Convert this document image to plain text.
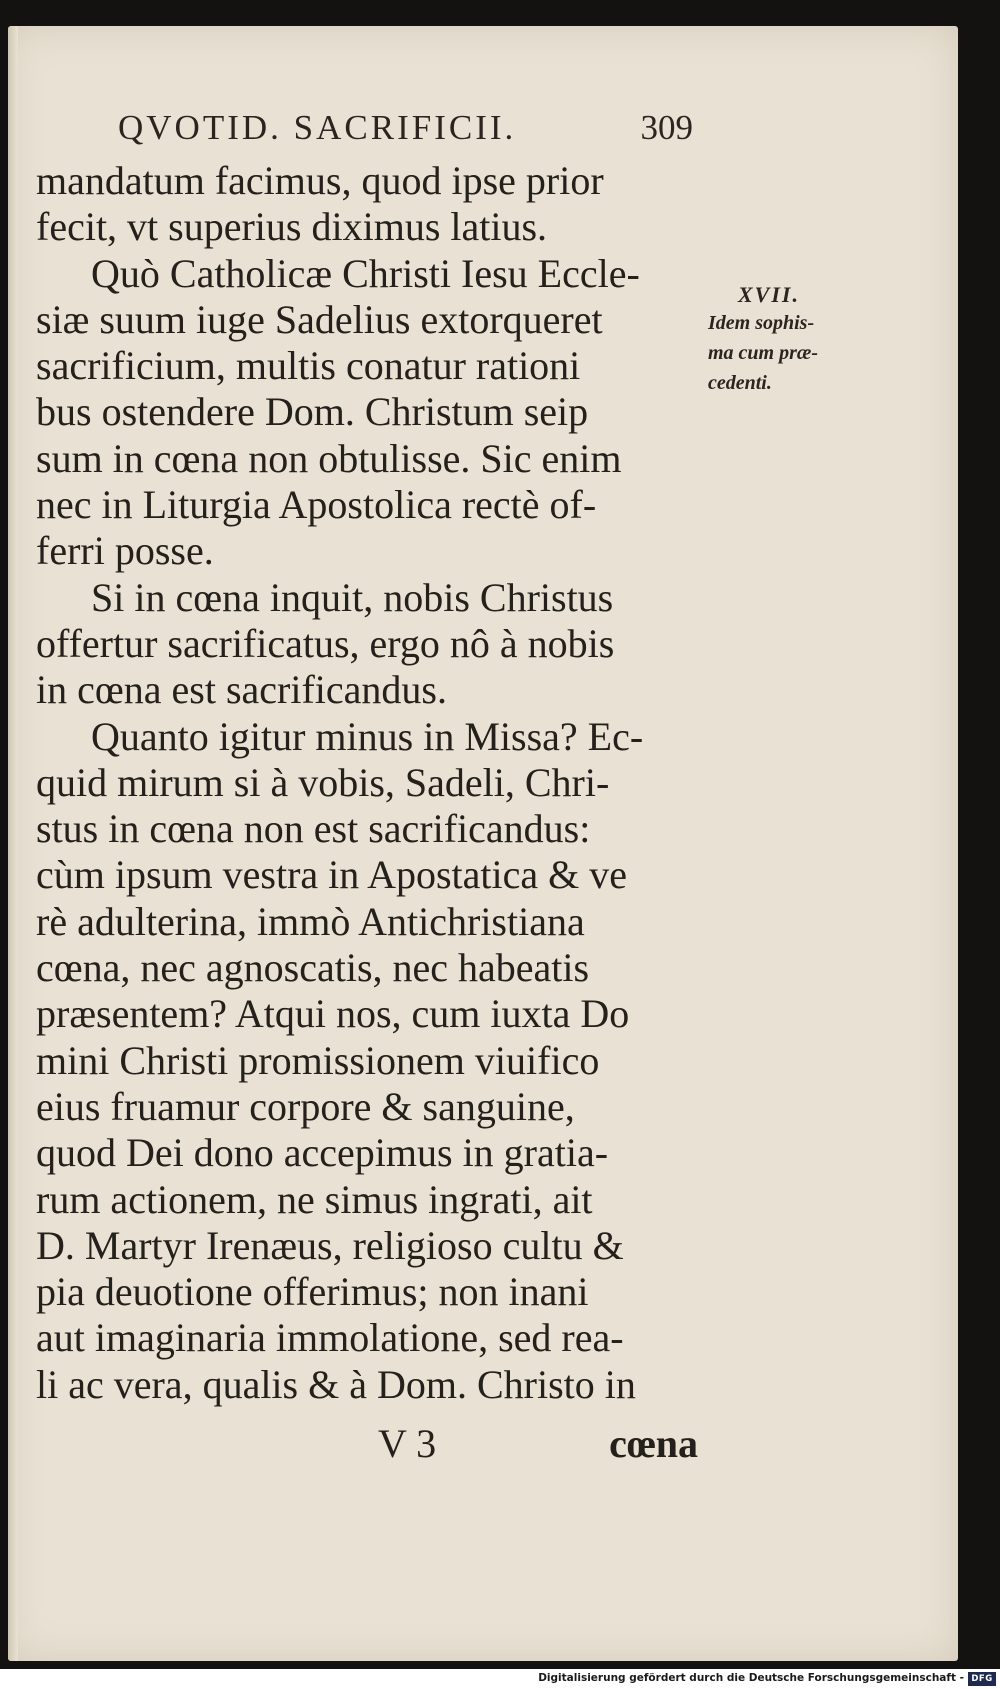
QVOTID. SACRIFICII.	309
mandatum facimus, quod ipse prior
fecit, vt superius diximus latius.
Quò Catholicæ Christi Iesu Eccle-
siæ suum iuge Sadelius extorqueret
sacrificium, multis conatur rationi
bus ostendere Dom. Christum seip
sum in cœna non obtulisse. Sic enim
nec in Liturgia Apostolica rectè of-
ferri posse.
Si in cœna inquit, nobis Christus
offertur sacrificatus, ergo nô à nobis
in cœna est sacrificandus.
Quanto igitur minus in Missa? Ec-
quid mirum si à vobis, Sadeli, Chri-
stus in cœna non est sacrificandus:
cùm ipsum vestra in Apostatica & ve
rè adulterina, immò Antichristiana
cœna, nec agnoscatis, nec habeatis
præsentem? Atqui nos, cum iuxta Do
mini Christi promissionem viuifico
eius fruamur corpore & sanguine,
quod Dei dono accepimus in gratia-
rum actionem, ne simus ingrati, ait
D. Martyr Irenæus, religioso cultu &
pia deuotione offerimus; non inani
aut imaginaria immolatione, sed rea-
li ac vera, qualis & à Dom. Christo in
XVII.
Idem sophis-
ma cum præ-
cedenti.
V 3	cœna
Digitalisierung gefördert durch die Deutsche Forschungsgemeinschaft - DFG
